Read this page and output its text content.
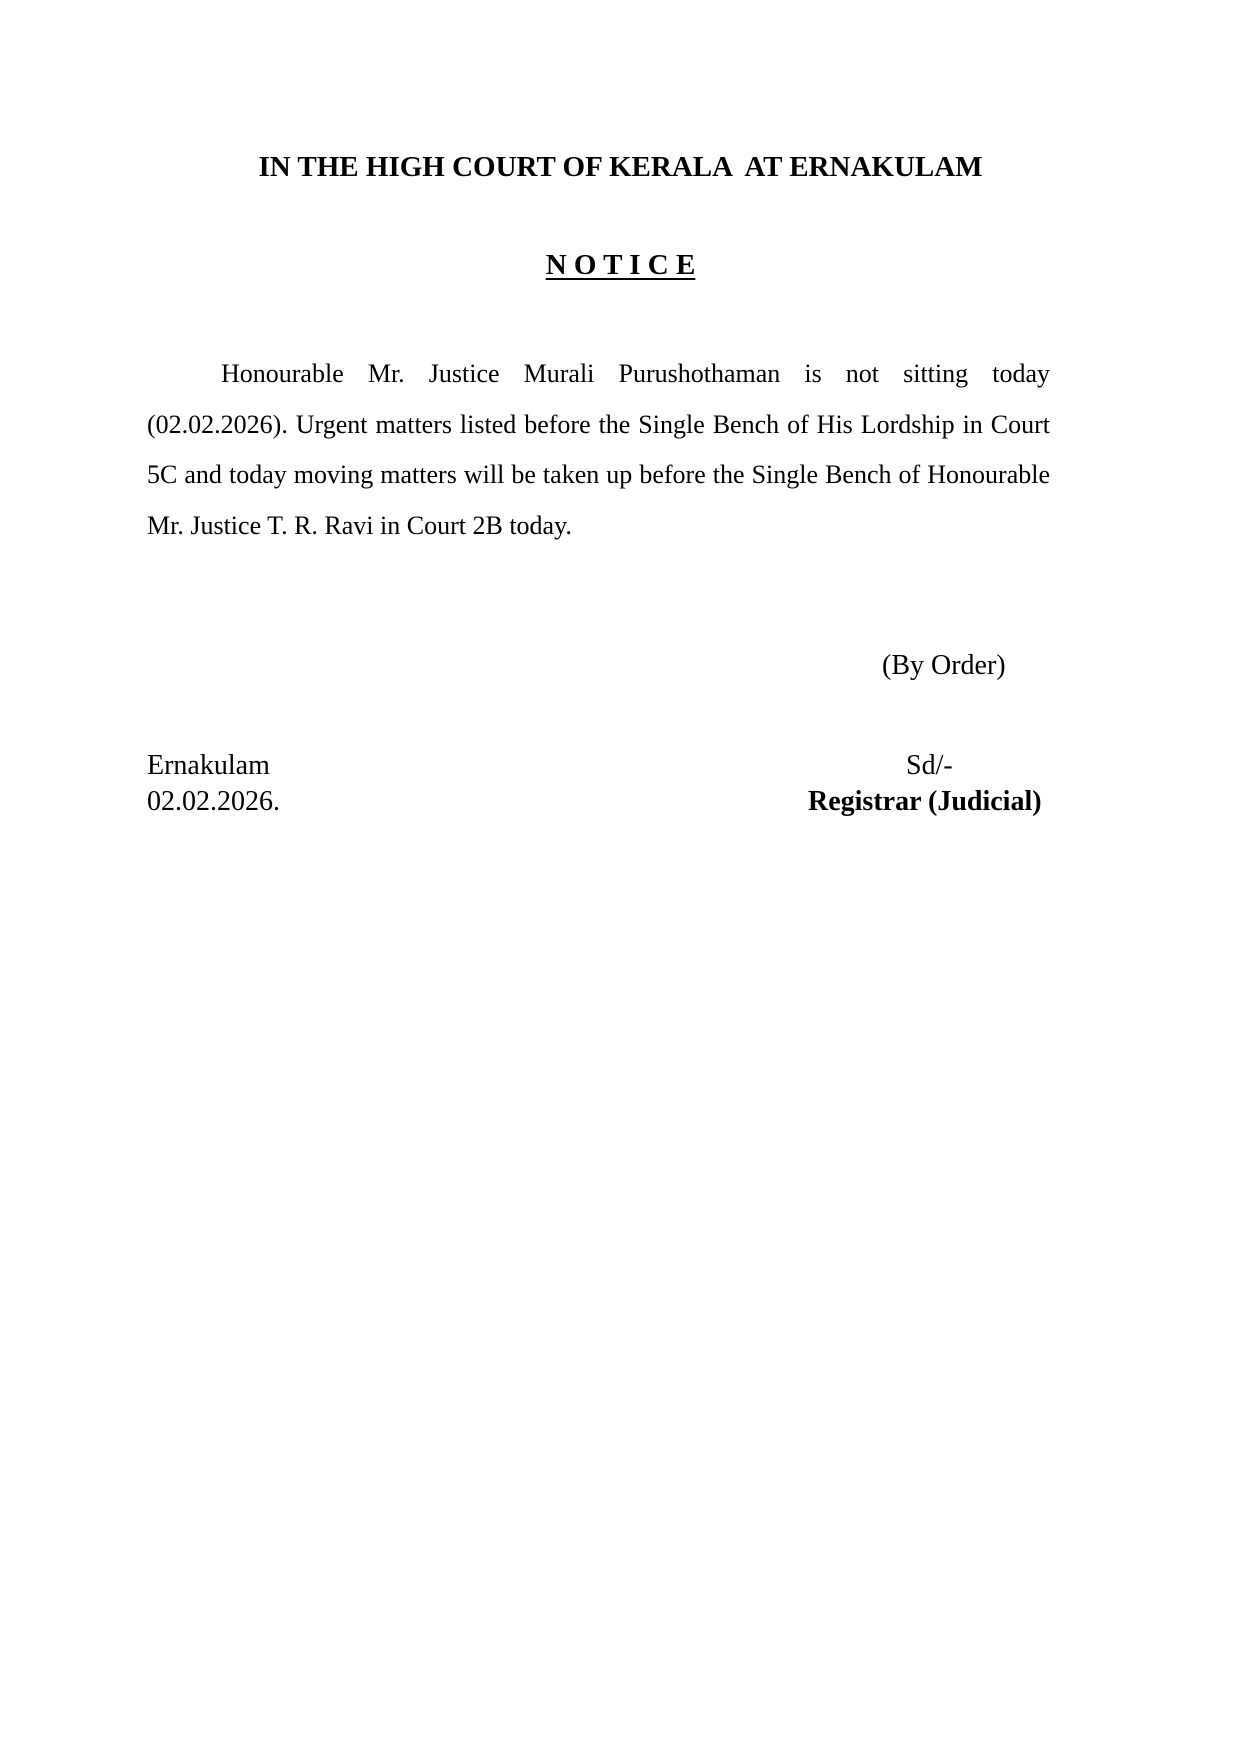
IN THE HIGH COURT OF KERALA  AT ERNAKULAM
N O T I C E

Honourable Mr. Justice Murali Purushothaman is not sitting today (02.02.2026). Urgent matters listed before the Single Bench of His Lordship in Court 5C and today moving matters will be taken up before the Single Bench of Honourable Mr. Justice T. R. Ravi in Court 2B today.

(By Order)
Ernakulam
02.02.2026.
Sd/-
Registrar (Judicial)
